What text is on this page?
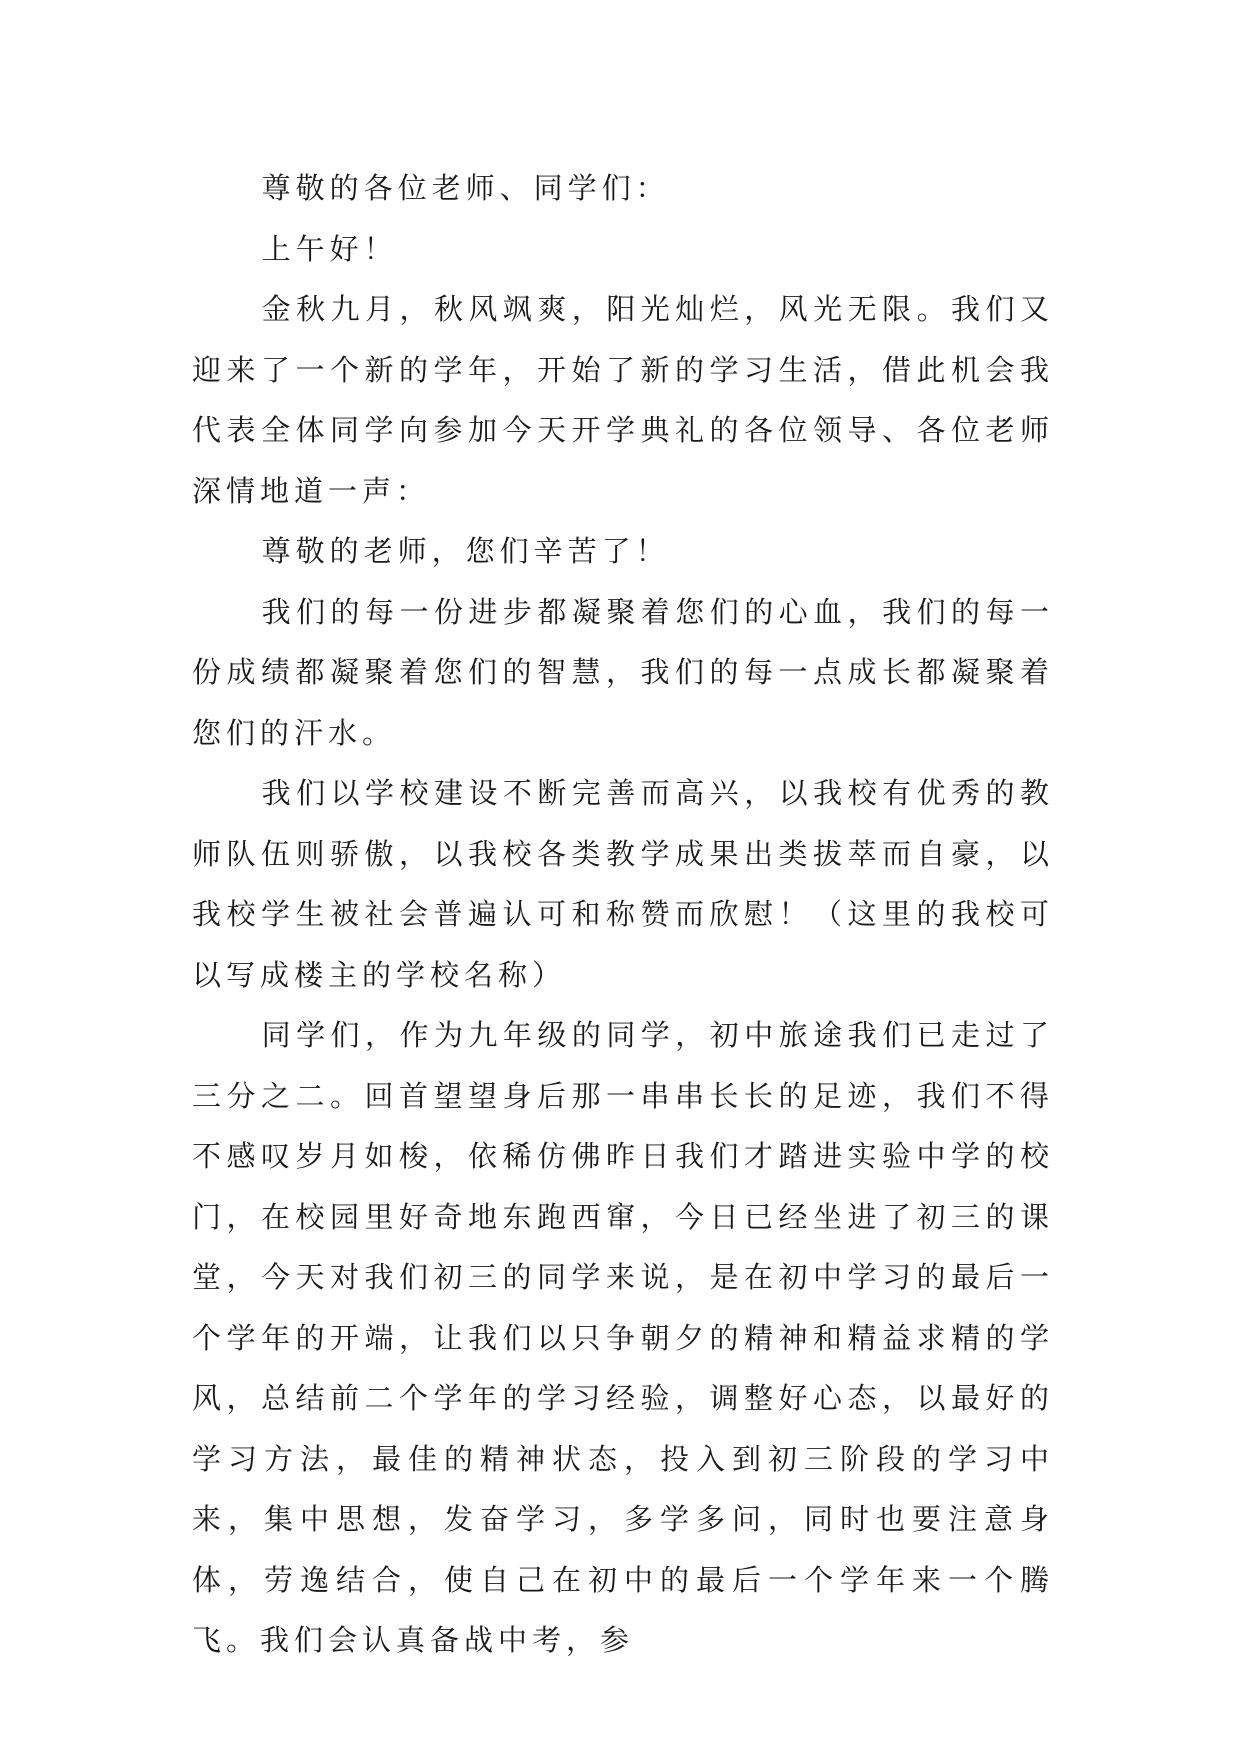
尊敬的各位老师、同学们：

上午好！

金秋九月，秋风飒爽，阳光灿烂，风光无限。我们又迎来了一个新的学年，开始了新的学习生活，借此机会我代表全体同学向参加今天开学典礼的各位领导、各位老师深情地道一声：

尊敬的老师，您们辛苦了！

我们的每一份进步都凝聚着您们的心血，我们的每一份成绩都凝聚着您们的智慧，我们的每一点成长都凝聚着您们的汗水。

我们以学校建设不断完善而高兴，以我校有优秀的教师队伍则骄傲，以我校各类教学成果出类拔萃而自豪，以我校学生被社会普遍认可和称赞而欣慰！（这里的我校可以写成楼主的学校名称）

同学们，作为九年级的同学，初中旅途我们已走过了三分之二。回首望望身后那一串串长长的足迹，我们不得不感叹岁月如梭，依稀仿佛昨日我们才踏进实验中学的校门，在校园里好奇地东跑西窜，今日已经坐进了初三的课堂，今天对我们初三的同学来说，是在初中学习的最后一个学年的开端，让我们以只争朝夕的精神和精益求精的学风，总结前二个学年的学习经验，调整好心态，以最好的学习方法，最佳的精神状态，投入到初三阶段的学习中来，集中思想，发奋学习，多学多问，同时也要注意身体，劳逸结合，使自己在初中的最后一个学年来一个腾飞。我们会认真备战中考，参
